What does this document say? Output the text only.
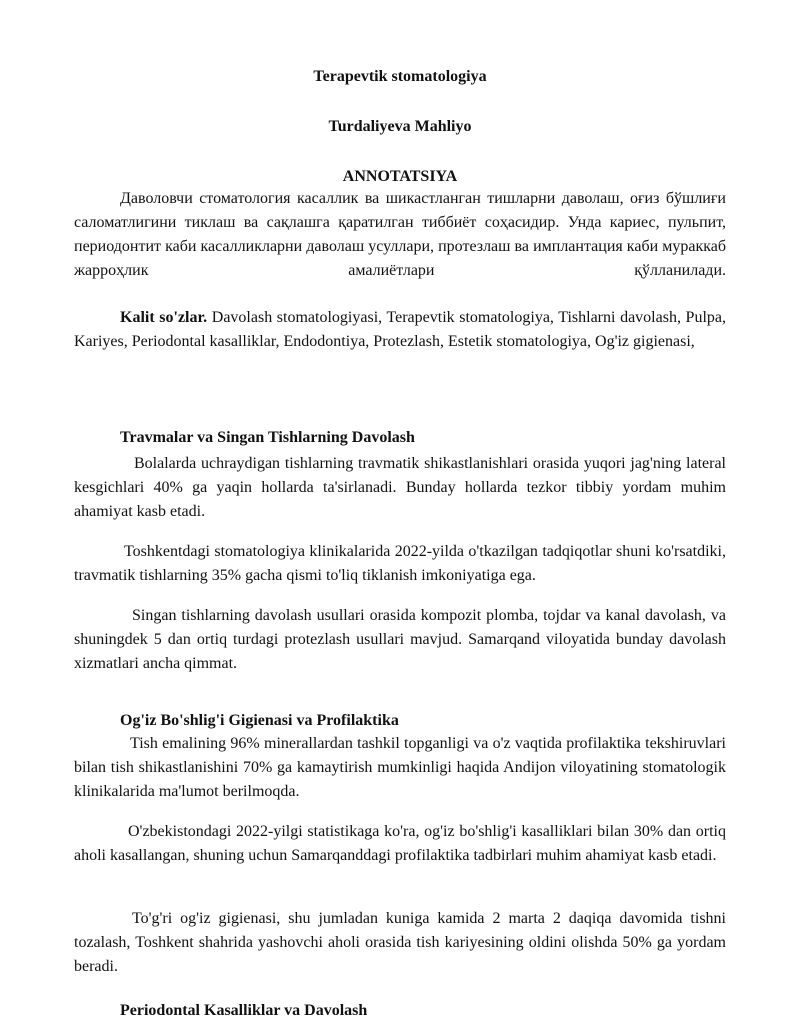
Terapevtik stomatologiya
Turdaliyeva Mahliyo
ANNOTATSIYA
Даволовчи стоматология касаллик ва шикастланган тишларни даволаш, оғиз бўшлиғи саломатлигини тиклаш ва сақлашга қаратилган тиббиёт соҳасидир. Унда кариес, пульпит, периодонтит каби касалликларни даволаш усуллари, протезлаш ва имплантация каби мураккаб жарроҳлик амалиётлари қўлланилади.
Kalit so'zlar. Davolash stomatologiyasi, Terapevtik stomatologiya, Tishlarni davolash, Pulpa, Kariyes, Periodontal kasalliklar, Endodontiya, Protezlash, Estetik stomatologiya, Og'iz gigienasi,
Travmalar va Singan Tishlarning Davolash
Bolalarda uchraydigan tishlarning travmatik shikastlanishlari orasida yuqori jag'ning lateral kesgichlari 40% ga yaqin hollarda ta'sirlanadi. Bunday hollarda tezkor tibbiy yordam muhim ahamiyat kasb etadi.
Toshkentdagi stomatologiya klinikalarida 2022-yilda o'tkazilgan tadqiqotlar shuni ko'rsatdiki, travmatik tishlarning 35% gacha qismi to'liq tiklanish imkoniyatiga ega.
Singan tishlarning davolash usullari orasida kompozit plomba, tojdar va kanal davolash, va shuningdek 5 dan ortiq turdagi protezlash usullari mavjud. Samarqand viloyatida bunday davolash xizmatlari ancha qimmat.
Og'iz Bo'shlig'i Gigienasi va Profilaktika
Tish emalining 96% minerallardan tashkil topganligi va o'z vaqtida profilaktika tekshiruvlari bilan tish shikastlanishini 70% ga kamaytirish mumkinligi haqida Andijon viloyatining stomatologik klinikalarida ma'lumot berilmoqda.
O'zbekistondagi 2022-yilgi statistikaga ko'ra, og'iz bo'shlig'i kasalliklari bilan 30% dan ortiq aholi kasallangan, shuning uchun Samarqanddagi profilaktika tadbirlari muhim ahamiyat kasb etadi.
To'g'ri og'iz gigienasi, shu jumladan kuniga kamida 2 marta 2 daqiqa davomida tishni tozalash, Toshkent shahrida yashovchi aholi orasida tish kariyesining oldini olishda 50% ga yordam beradi.
Periodontal Kasalliklar va Davolash
